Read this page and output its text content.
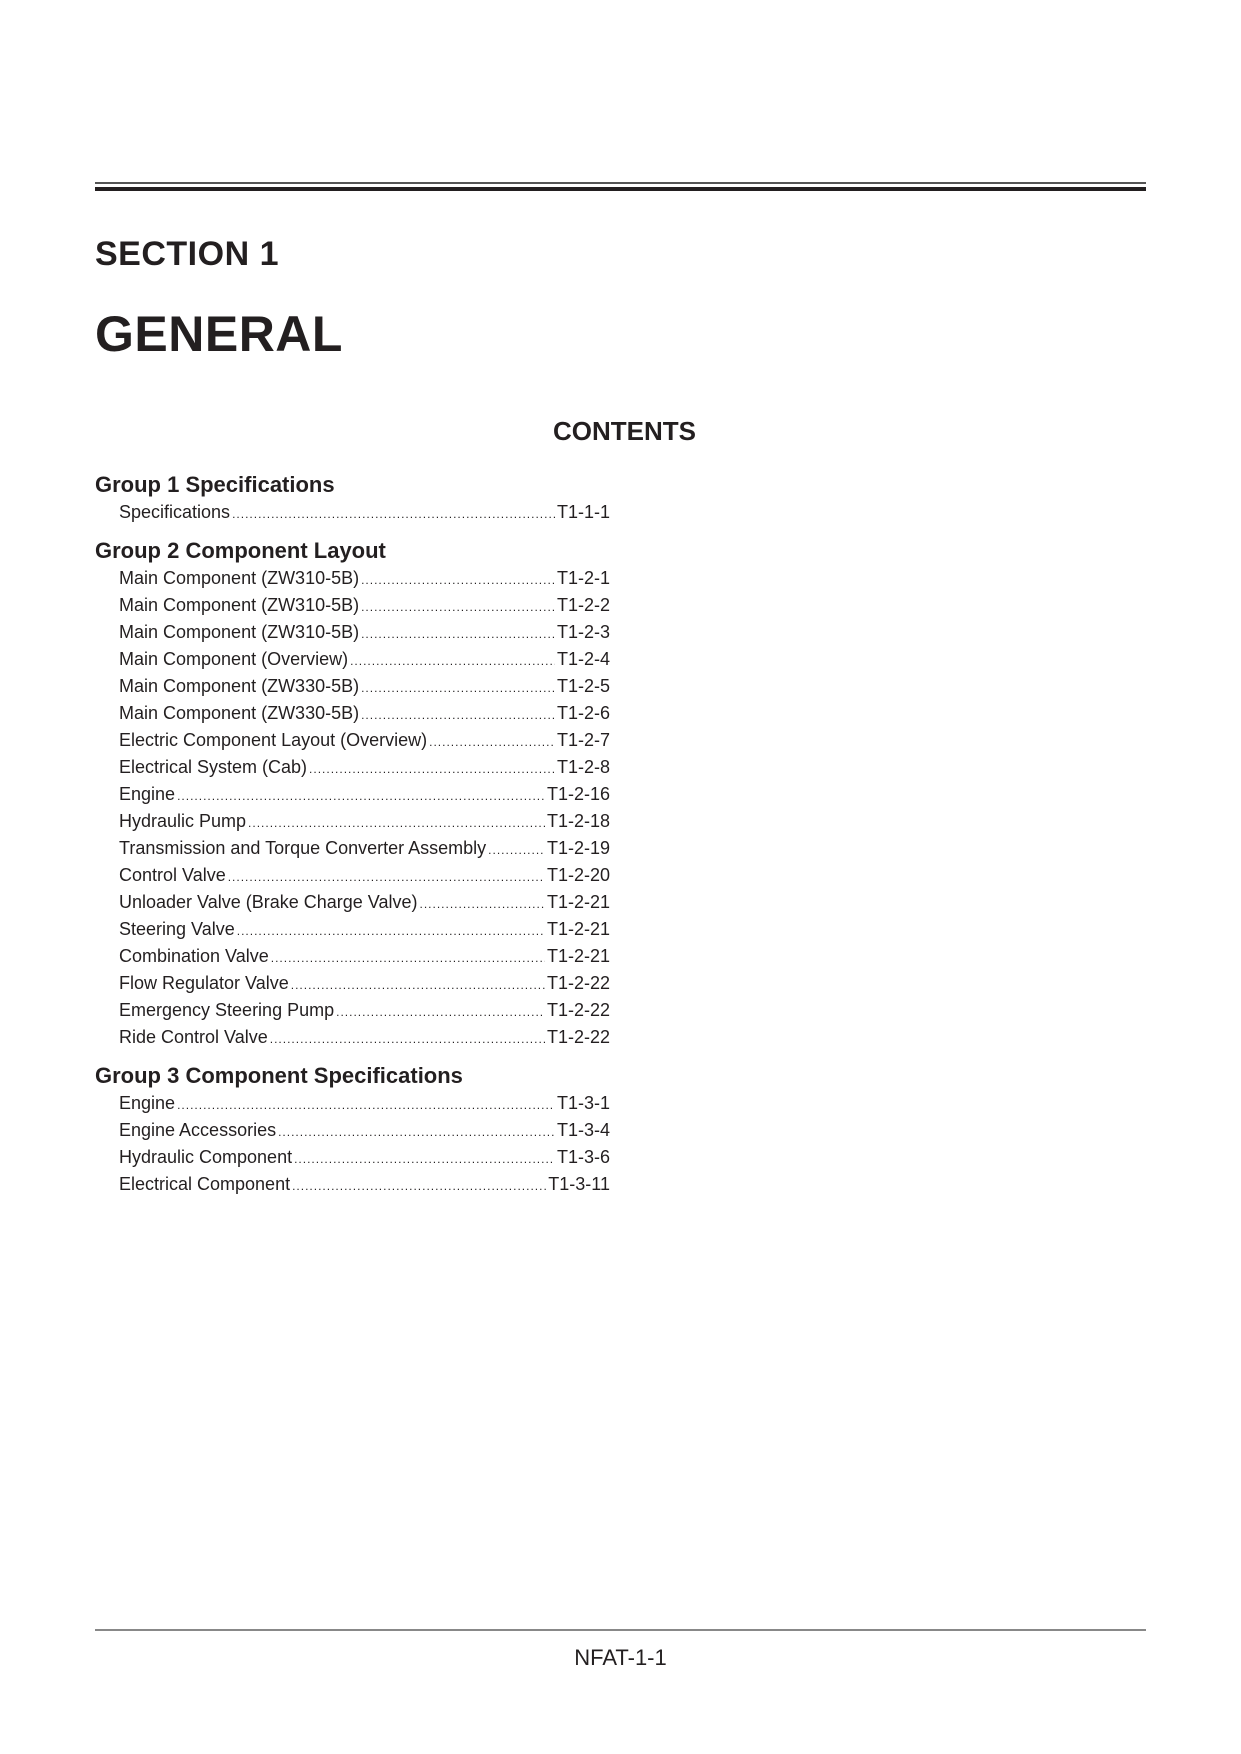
SECTION 1
GENERAL
CONTENTS
Group 1 Specifications
Specifications .....	T1-1-1
Group 2 Component Layout
Main Component (ZW310-5B) .....	T1-2-1
Main Component (ZW310-5B) .....	T1-2-2
Main Component (ZW310-5B) .....	T1-2-3
Main Component (Overview) .....	T1-2-4
Main Component (ZW330-5B) .....	T1-2-5
Main Component (ZW330-5B) .....	T1-2-6
Electric Component Layout (Overview) .....	T1-2-7
Electrical System (Cab) .....	T1-2-8
Engine .....	T1-2-16
Hydraulic Pump .....	T1-2-18
Transmission and Torque Converter Assembly .....	T1-2-19
Control Valve .....	T1-2-20
Unloader Valve (Brake Charge Valve) .....	T1-2-21
Steering Valve .....	T1-2-21
Combination Valve .....	T1-2-21
Flow Regulator Valve .....	T1-2-22
Emergency Steering Pump .....	T1-2-22
Ride Control Valve .....	T1-2-22
Group 3 Component Specifications
Engine .....	T1-3-1
Engine Accessories .....	T1-3-4
Hydraulic Component .....	T1-3-6
Electrical Component .....	T1-3-11
NFAT-1-1
